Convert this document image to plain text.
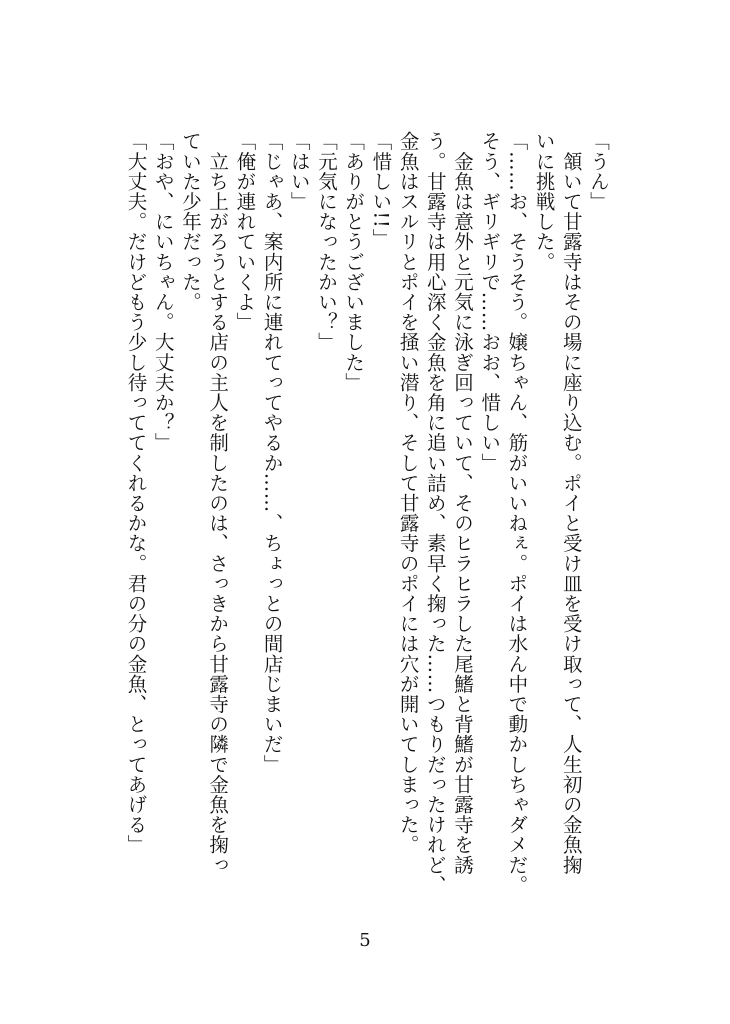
「うん」
　頷いて甘露寺はその場に座り込む。ポイと受け皿を受け取って、人生初の金魚掬
いに挑戦した。
「……お、そうそう。嬢ちゃん、筋がいいねぇ。ポイは水ん中で動かしちゃダメだ。
そう、ギリギリで……おお、惜しい」
　金魚は意外と元気に泳ぎ回っていて、そのヒラヒラした尾鰭と背鰭が甘露寺を誘
う。甘露寺は用心深く金魚を角に追い詰め、素早く掬った……つもりだったけれど、
金魚はスルリとポイを掻い潜り、そして甘露寺のポイには穴が開いてしまった。
「惜しい!!」
「ありがとうございました」
「元気になったかい？」
「はい」
「じゃあ、案内所に連れてってやるか……、ちょっとの間店じまいだ」
「俺が連れていくよ」
　立ち上がろうとする店の主人を制したのは、さっきから甘露寺の隣で金魚を掬っ
ていた少年だった。
「おや、にいちゃん。大丈夫か？」
「大丈夫。だけどもう少し待っててくれるかな。君の分の金魚、とってあげる」
5
